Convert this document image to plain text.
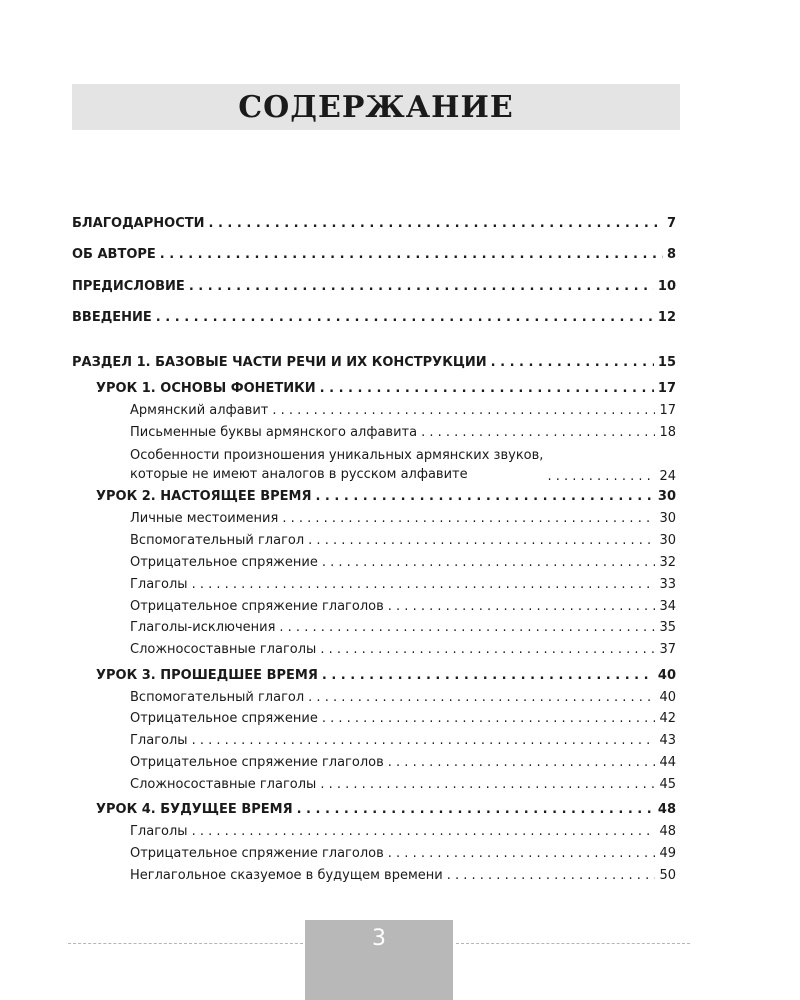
СОДЕРЖАНИЕ
БЛАГОДАРНОСТИ . . .	7
ОБ АВТОРЕ . . .	8
ПРЕДИСЛОВИЕ . . .	10
ВВЕДЕНИЕ . . .	12
РАЗДЕЛ 1. БАЗОВЫЕ ЧАСТИ РЕЧИ И ИХ КОНСТРУКЦИИ . . .	15
УРОК 1. ОСНОВЫ ФОНЕТИКИ . . .	17
Армянский алфавит . . .	17
Письменные буквы армянского алфавита . . .	18
Особенности произношения уникальных армянских звуков,
которые не имеют аналогов в русском алфавите . . .	24
УРОК 2. НАСТОЯЩЕЕ ВРЕМЯ . . .	30
Личные местоимения . . .	30
Вспомогательный глагол . . .	30
Отрицательное спряжение . . .	32
Глаголы . . .	33
Отрицательное спряжение глаголов . . .	34
Глаголы-исключения . . .	35
Сложносоставные глаголы . . .	37
УРОК 3. ПРОШЕДШЕЕ ВРЕМЯ . . .	40
Вспомогательный глагол . . .	40
Отрицательное спряжение . . .	42
Глаголы . . .	43
Отрицательное спряжение глаголов . . .	44
Сложносоставные глаголы . . .	45
УРОК 4. БУДУЩЕЕ ВРЕМЯ . . .	48
Глаголы . . .	48
Отрицательное спряжение глаголов . . .	49
Неглагольное сказуемое в будущем времени . . .	50
3
